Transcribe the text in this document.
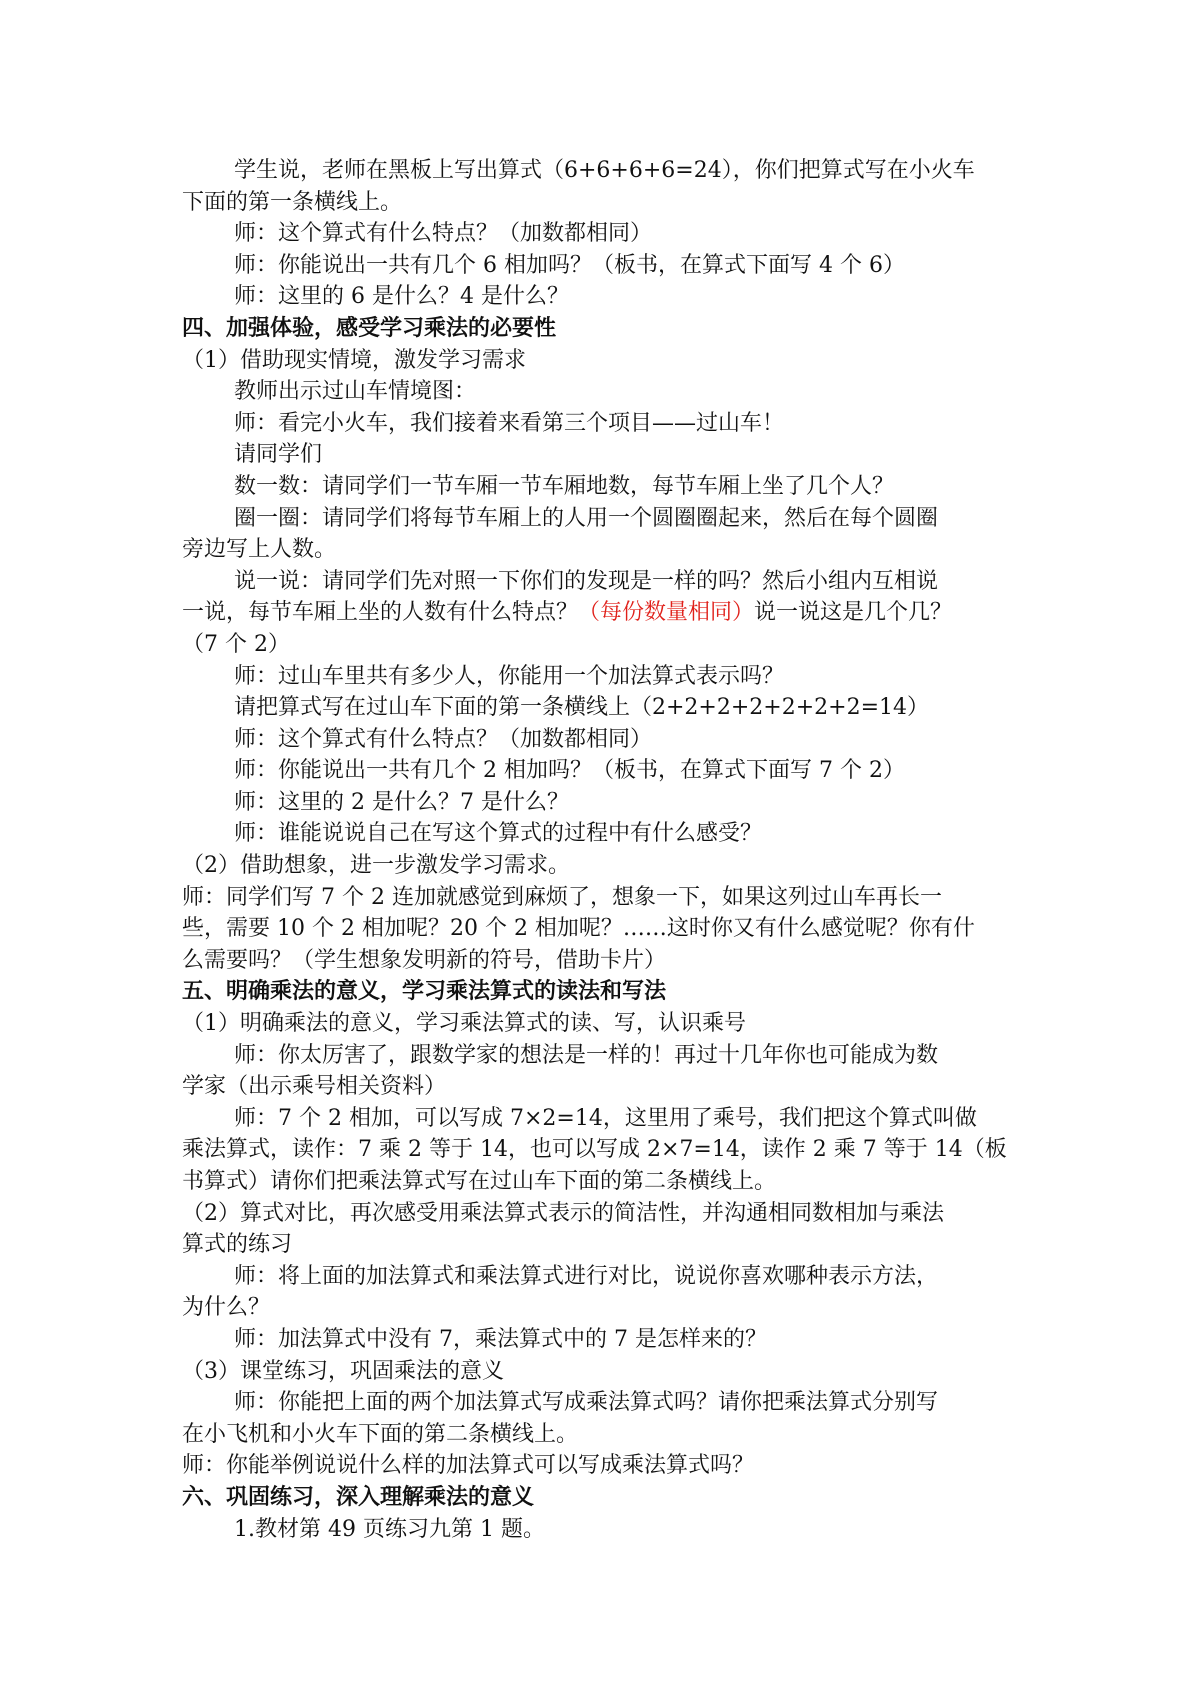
学生说，老师在黑板上写出算式（6+6+6+6=24），你们把算式写在小火车
下面的第一条横线上。
师：这个算式有什么特点？（加数都相同）
师：你能说出一共有几个 6 相加吗？（板书，在算式下面写 4 个 6）
师：这里的 6 是什么？4 是什么？
四、加强体验，感受学习乘法的必要性
（1）借助现实情境，激发学习需求
教师出示过山车情境图：
师：看完小火车，我们接着来看第三个项目——过山车！
请同学们
数一数：请同学们一节车厢一节车厢地数，每节车厢上坐了几个人？
圈一圈：请同学们将每节车厢上的人用一个圆圈圈起来，然后在每个圆圈
旁边写上人数。
说一说：请同学们先对照一下你们的发现是一样的吗？然后小组内互相说
一说，每节车厢上坐的人数有什么特点？（每份数量相同）说一说这是几个几？
（7 个 2）
师：过山车里共有多少人，你能用一个加法算式表示吗？
请把算式写在过山车下面的第一条横线上（2+2+2+2+2+2+2=14）
师：这个算式有什么特点？（加数都相同）
师：你能说出一共有几个 2 相加吗？（板书，在算式下面写 7 个 2）
师：这里的 2 是什么？7 是什么？
师：谁能说说自己在写这个算式的过程中有什么感受？
（2）借助想象，进一步激发学习需求。
师：同学们写 7 个 2 连加就感觉到麻烦了，想象一下，如果这列过山车再长一
些，需要 10 个 2 相加呢？20 个 2 相加呢？……这时你又有什么感觉呢？你有什
么需要吗？（学生想象发明新的符号，借助卡片）
五、明确乘法的意义，学习乘法算式的读法和写法
（1）明确乘法的意义，学习乘法算式的读、写，认识乘号
师：你太厉害了，跟数学家的想法是一样的！再过十几年你也可能成为数
学家（出示乘号相关资料）
师：7 个 2 相加，可以写成 7×2=14，这里用了乘号，我们把这个算式叫做
乘法算式，读作：7 乘 2 等于 14，也可以写成 2×7=14，读作 2 乘 7 等于 14（板
书算式）请你们把乘法算式写在过山车下面的第二条横线上。
（2）算式对比，再次感受用乘法算式表示的简洁性，并沟通相同数相加与乘法
算式的练习
师：将上面的加法算式和乘法算式进行对比，说说你喜欢哪种表示方法，
为什么？
师：加法算式中没有 7，乘法算式中的 7 是怎样来的？
（3）课堂练习，巩固乘法的意义
师：你能把上面的两个加法算式写成乘法算式吗？请你把乘法算式分别写
在小飞机和小火车下面的第二条横线上。
师：你能举例说说什么样的加法算式可以写成乘法算式吗？
六、巩固练习，深入理解乘法的意义
1.教材第 49 页练习九第 1 题。
